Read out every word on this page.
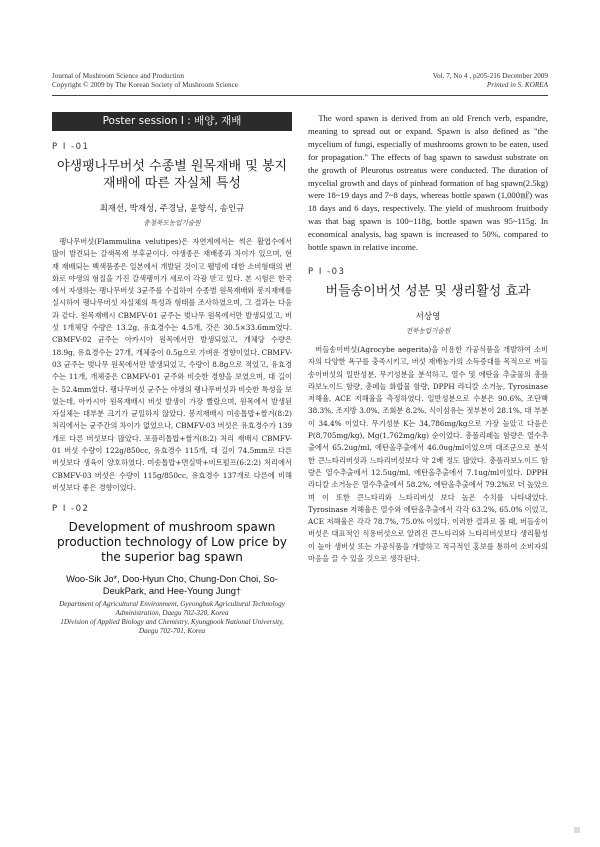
Journal of Mushroom Science and Production
Copyright © 2009 by The Korean Society of Mushroom Science
Vol. 7, No 4 , p205-216 December 2009
Printed in S. KOREA
Poster session Ⅰ : 배양, 재배
P I -01
야생팽나무버섯 수종별 원목재배 및 봉지재배에 따른 자실체 특성
최재선, 박재성, 주경남, 윤향식, 송인규
충청북도농업기술원

팽나무버섯(Flammulina velutipes)은 자연계에서는 썩은 활엽수에서 많이 발견되는 갈색목재 부후균이다. 야생종은 재배종과 차이가 있으며, 현재 재배되는 백색품종은 일본에서 개발된 것이고 웰빙에 대한 소비형태의 변화로 야생의 형질을 가진 갈색팽이가 새로이 각광 받고 있다. 본 시험은 한국에서 자생하는 팽나무버섯 3균주를 수집하여 수종별 원목재배와 봉지재배를 실시하여 팽나무버섯 자실체의 특성과 형태를 조사하였으며, 그 결과는 다음과 같다. 원목재배시 CBMFV-01 균주는 벚나무 원목에서만 발생되었고, 버섯 1개체당 수량은 13.2g, 유효경수는 4.5개, 갓은 30.5×33.6mm였다. CBMFV-02 균주는 아카시아 원목에서만 발생되었고, 개체당 수량은 18.9g, 유효경수는 27개, 개체중이 0.5g으로 가벼운 경향이었다. CBMFV-03 균주는 벚나무 원목에서만 발생되었고, 수량이 8.8g으로 적었고, 유효경수는 11개, 개체중은 CBMFV-01 균주와 비슷한 경향을 보였으며, 대 길이는 52.4mm였다. 팽나무버섯 균주는 야생의 팽나무버섯과 비슷한 특성을 보였는데, 아카시아 원목재배시 버섯 발생이 가장 빨랐으며, 원목에서 발생된 자실체는 대부분 크기가 균일하지 않았다. 봉지재배시 미송톱밥+쌀겨(8:2) 처리에서는 균주간의 차이가 없었으나, CBMFV-03 버섯은 유효경수가 139개로 다른 버섯보다 많았다. 포플러톱밥+쌀겨(8:2) 처리 재배시 CBMFV-01 버섯 수량이 122g/850cc, 유효경수 115개, 대 길이 74.5mm로 다른 버섯보다 생육이 양호하였다. 미송톱밥+면실박+비트펄프(6:2:2) 처리에서 CBMFV-03 버섯은 수량이 115g/850cc, 유효경수 137개로 다른에 비해 버섯보다 좋은 경향이었다.

P I -02
Development of mushroom spawn production technology of Low price by the superior bag spawn
Woo-Sik Jo*, Doo-Hyun Cho, Chung-Don Choi, So-DeukPark, and Hee-Young Jung†
Department of Agricultural Environment, Gyeongbuk Agricultural Technology Administration, Daegu 702-320, Korea
1Division of Applied Biology and Chemistry, Kyungpook National University, Daegu 702-701, Korea

The word spawn is derived from an old French verb, espandre, meaning to spread out or expand. Spawn is also defined as "the mycelium of fungi, especially of mushrooms grown to be eaten, used for propagation." The effects of bag spawn to sawdust substrate on the growth of Pleurotus ostreatus were conducted. The duration of mycelial growth and days of pinhead formation of bag spawn(2.5kg) were 18~19 days and 7~8 days, whereas bottle spawn (1,000㎖) was 18 days and 6 days, respectively. The yield of mushroom fruitbody was that bag spawn is 100~118g, bottle spawn was 95~115g. In economical analysis, bag spawn is increased to 50%, compared to bottle spawn in relative income.

P I -03
버들송이버섯 성분 및 생리활성 효과
서상영
전북농업기술원

버들송이버섯(Agrocybe aegerita)을 이용한 가공식품을 개발하여 소비자의 다양한 욕구를 충족시키고, 버섯 재배농가의 소득증대를 목적으로 버들송이버섯의 일반성분, 무기성분을 분석하고, 열수 및 에탄올 추출물의 총플라보노이드 함량, 총페놀 화합물 함량, DPPH 라디칼 소거능, Tyrosinase 저해율, ACE 저해율을 측정하였다. 일반성분으로 수분은 90.6%, 조단백 38.3%, 조지방 3.0%, 조회분 8.2%, 식이섬유는 젓부분이 28.1%, 대 부분이 34.4% 이었다. 무기성분 K는 34,786mg/kg으로 가장 높았고 다음은 P(8,705mg/kg), Mg(1,762mg/kg) 순이었다. 총폴리페놀 함량은 열수추출에서 65.2ug/ml, 에탄올추출에서 46.0ug/ml이었으며 대조군으로 분석한 큰느타리버섯과 느타리버섯보다 약 2배 정도 많았다. 총플라보노이드 함량은 열수추출에서 12.5ug/ml, 에탄올추출에서 7.1ug/ml이었다. DPPH 라디칼 소거능은 열수추출에서 58.2%, 에탄올추출에서 79.2%로 더 높았으며 이 또한 큰느타리와 느타리버섯 보다 높은 수치를 나타내었다. Tyrosinase 저해율은 열수와 에탄올추출에서 각각 63.2%, 65.0% 이었고, ACE 저해율은 각각 78.7%, 75.0% 이었다. 이러한 결과로 볼 때, 버들송이버섯은 대표적인 식용버섯으로 알려진 큰느타리와 느타리버섯보다 생리활성이 높아 생버섯 또는 가공식품을 개발하고 적극적인 홍보를 통하여 소비자의 마음을 끌 수 있을 것으로 생각된다.
